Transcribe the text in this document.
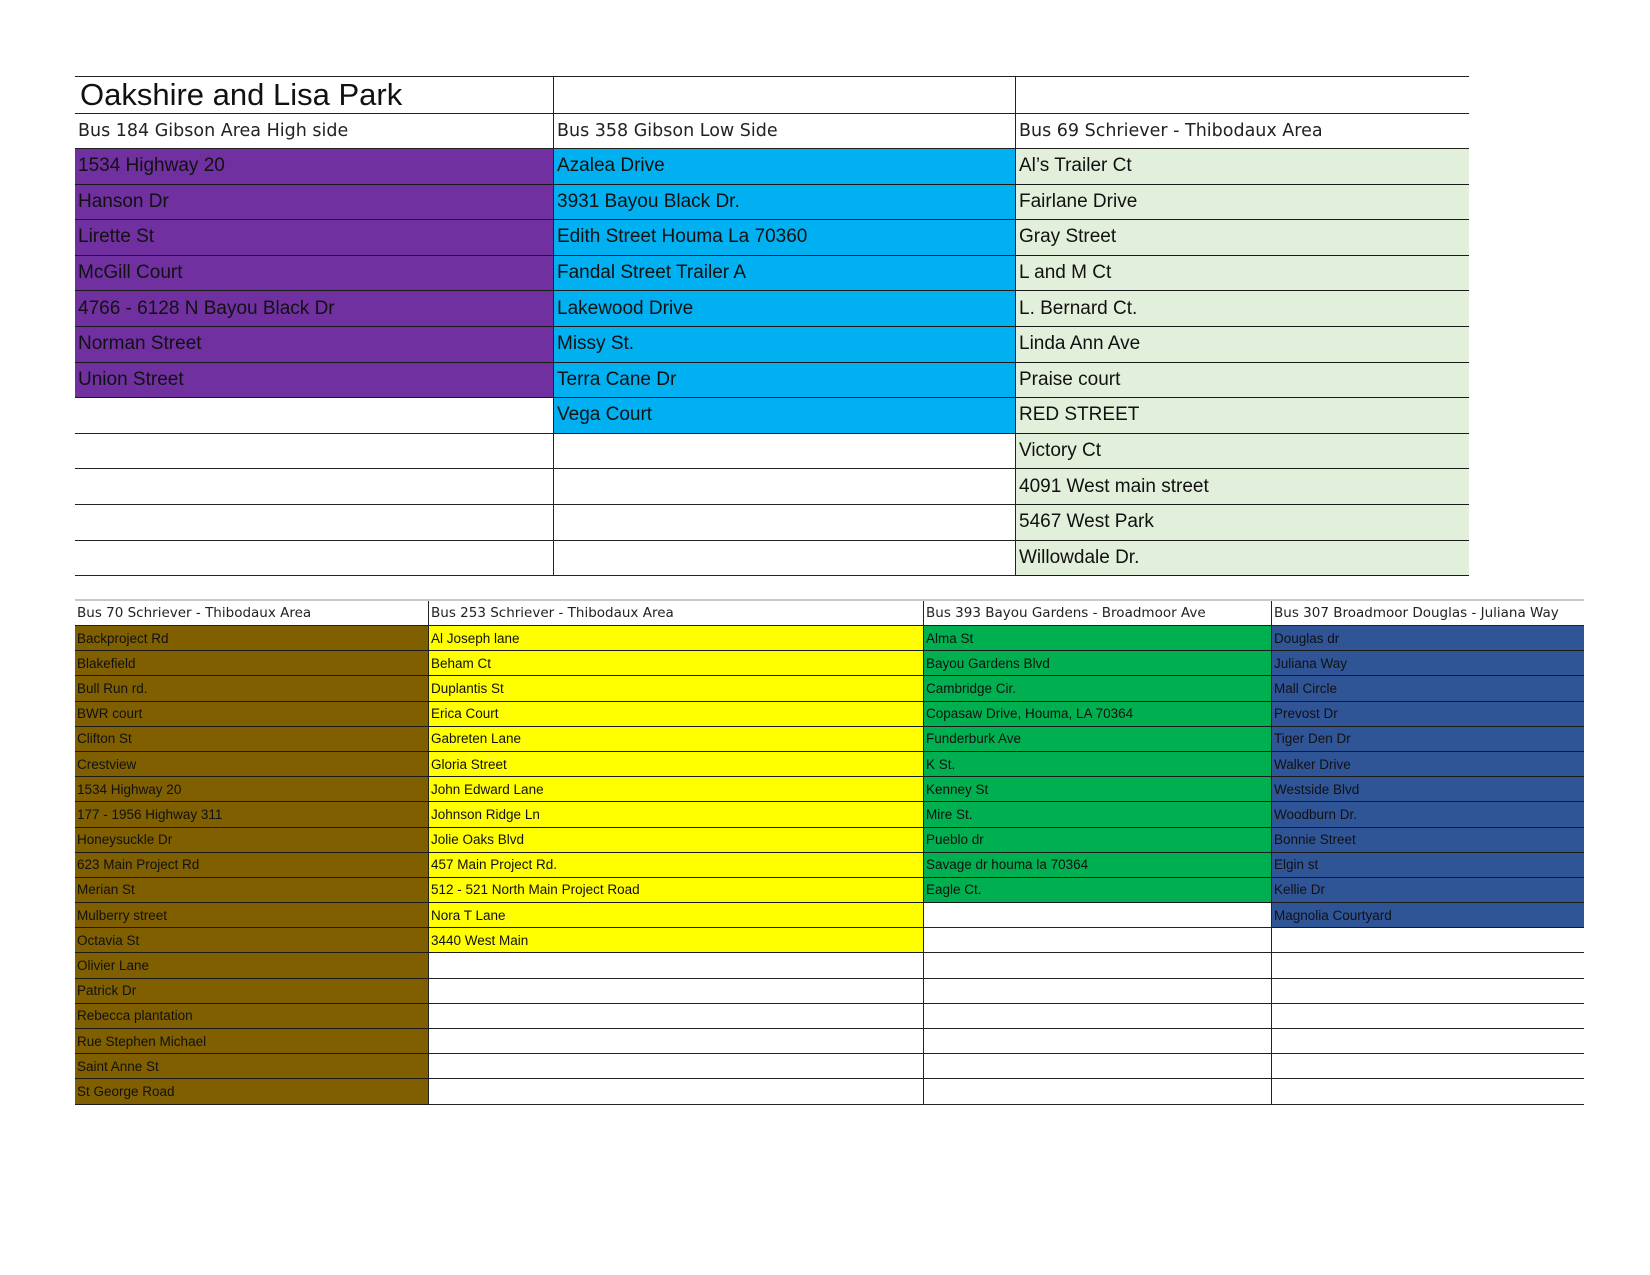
Oakshire and Lisa Park		
Bus 184 Gibson Area High side	Bus 358 Gibson Low Side	Bus 69 Schriever - Thibodaux Area
1534 Highway 20	Azalea Drive	Al’s Trailer Ct
Hanson Dr	3931 Bayou Black Dr.	Fairlane Drive
Lirette St	Edith Street Houma La 70360	Gray Street
McGill Court	Fandal Street Trailer A	L and M Ct
4766 - 6128 N Bayou Black Dr	Lakewood Drive	L. Bernard Ct.
Norman Street	Missy St.	Linda Ann Ave
Union Street	Terra Cane Dr	Praise court
	Vega Court	RED STREET
		Victory Ct
		4091 West main street
		5467 West Park
		Willowdale Dr.
Bus 70 Schriever - Thibodaux Area	Bus 253 Schriever - Thibodaux Area	Bus 393 Bayou Gardens - Broadmoor Ave	Bus 307 Broadmoor Douglas - Juliana Way
Backproject Rd	Al Joseph lane	Alma St	Douglas dr
Blakefield	Beham Ct	Bayou Gardens Blvd	Juliana Way
Bull Run rd.	Duplantis St	Cambridge Cir.	Mall Circle
BWR court	Erica Court	Copasaw Drive, Houma, LA 70364	Prevost Dr
Clifton St	Gabreten Lane	Funderburk Ave	Tiger Den Dr
Crestview	Gloria Street	K St.	Walker Drive
1534 Highway 20	John Edward Lane	Kenney St	Westside Blvd
177 - 1956 Highway 311	Johnson Ridge Ln	Mire St.	Woodburn Dr.
Honeysuckle Dr	Jolie Oaks Blvd	Pueblo dr	Bonnie Street
623 Main Project Rd	457 Main Project Rd.	Savage dr houma la 70364	Elgin st
Merian St	512 - 521 North Main Project Road	Eagle Ct.	Kellie Dr
Mulberry street	Nora T Lane		Magnolia Courtyard
Octavia St	3440 West Main		
Olivier Lane			
Patrick Dr			
Rebecca plantation			
Rue Stephen Michael			
Saint Anne St			
St George Road			
